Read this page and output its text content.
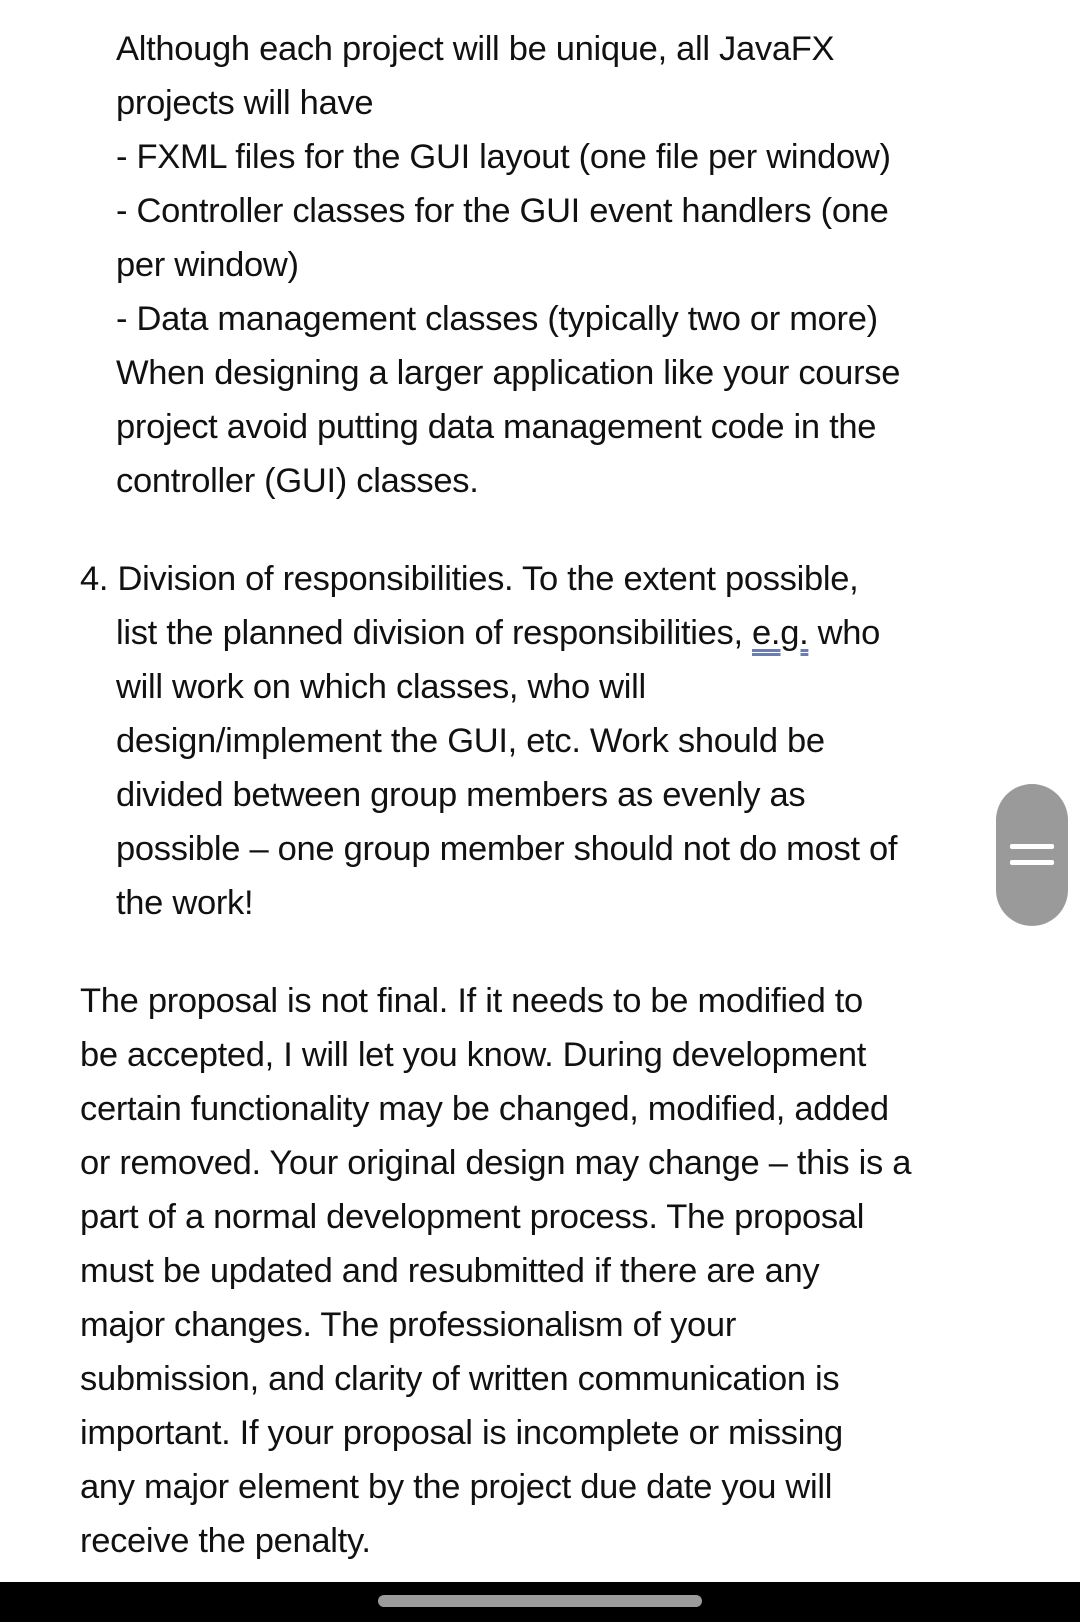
Although each project will be unique, all JavaFX
projects will have
- FXML files for the GUI layout (one file per window)
- Controller classes for the GUI event handlers (one
per window)
- Data management classes (typically two or more)
When designing a larger application like your course
project avoid putting data management code in the
controller (GUI) classes.
4. Division of responsibilities. To the extent possible,
list the planned division of responsibilities, e.g. who
will work on which classes, who will
design/implement the GUI, etc. Work should be
divided between group members as evenly as
possible – one group member should not do most of
the work!
The proposal is not final. If it needs to be modified to
be accepted, I will let you know. During development
certain functionality may be changed, modified, added
or removed. Your original design may change – this is a
part of a normal development process. The proposal
must be updated and resubmitted if there are any
major changes. The professionalism of your
submission, and clarity of written communication is
important. If your proposal is incomplete or missing
any major element by the project due date you will
receive the penalty.
